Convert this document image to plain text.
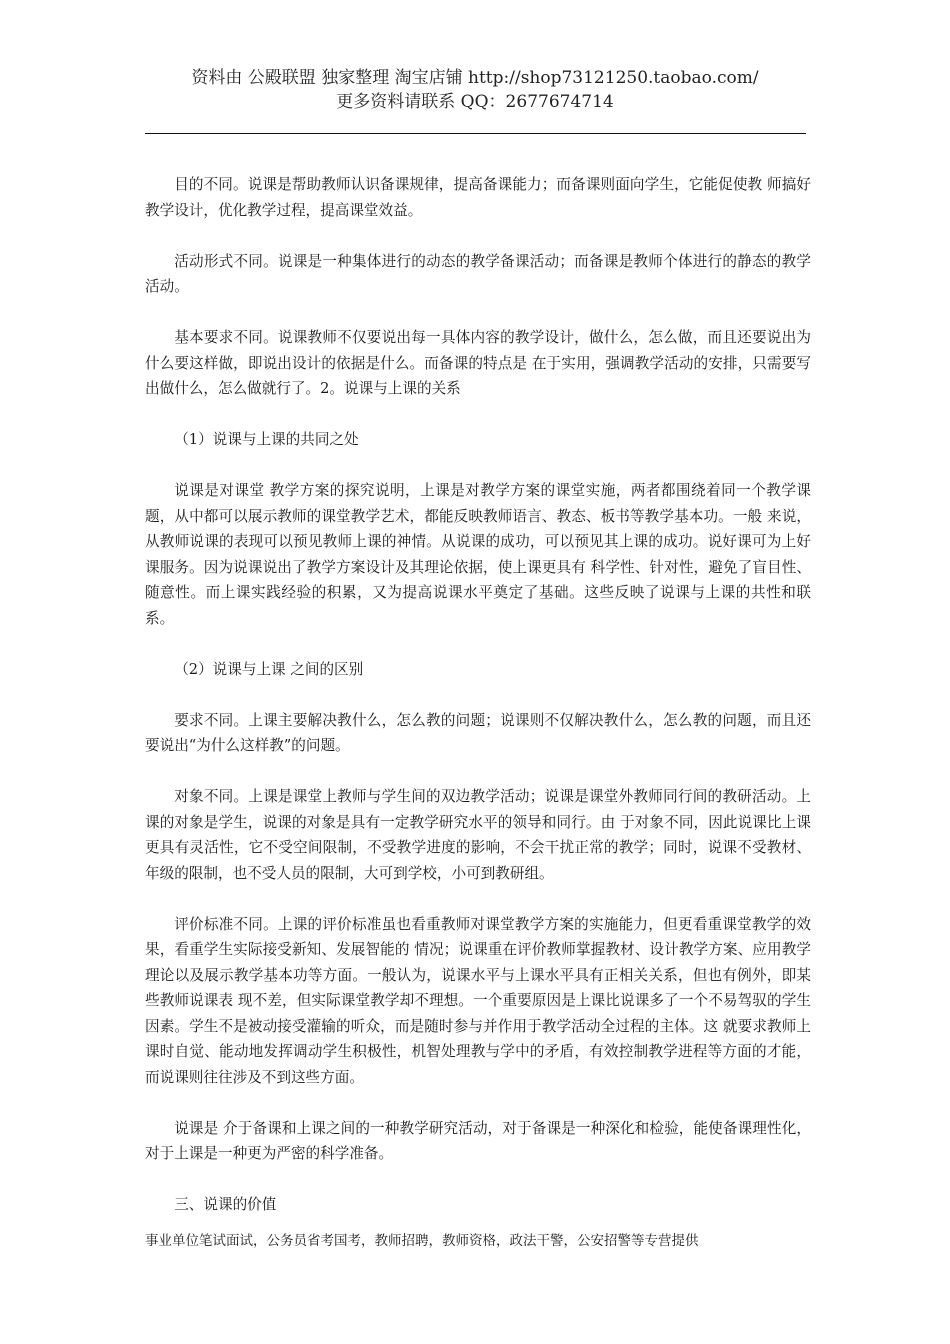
资料由 公殿联盟 独家整理 淘宝店铺 http://shop73121250.taobao.com/
更多资料请联系 QQ：2677674714

目的不同。说课是帮助教师认识备课规律，提高备课能力；而备课则面向学生，它能促使教 师搞好教学设计，优化教学过程，提高课堂效益。

活动形式不同。说课是一种集体进行的动态的教学备课活动；而备课是教师个体进行的静态的教学活动。

基本要求不同。说课教师不仅要说出每一具体内容的教学设计，做什么，怎么做，而且还要说出为什么要这样做，即说出设计的依据是什么。而备课的特点是 在于实用，强调教学活动的安排，只需要写出做什么，怎么做就行了。2。说课与上课的关系

（1）说课与上课的共同之处

说课是对课堂 教学方案的探究说明，上课是对教学方案的课堂实施，两者都围绕着同一个教学课题，从中都可以展示教师的课堂教学艺术，都能反映教师语言、教态、板书等教学基本功。一般 来说，从教师说课的表现可以预见教师上课的神情。从说课的成功，可以预见其上课的成功。说好课可为上好课服务。因为说课说出了教学方案设计及其理论依据，使上课更具有 科学性、针对性，避免了盲目性、随意性。而上课实践经验的积累，又为提高说课水平奠定了基础。这些反映了说课与上课的共性和联系。

（2）说课与上课 之间的区别

要求不同。上课主要解决教什么，怎么教的问题；说课则不仅解决教什么，怎么教的问题，而且还要说出“为什么这样教”的问题。

对象不同。上课是课堂上教师与学生间的双边教学活动；说课是课堂外教师同行间的教研活动。上课的对象是学生，说课的对象是具有一定教学研究水平的领导和同行。由 于对象不同，因此说课比上课更具有灵活性，它不受空间限制，不受教学进度的影响，不会干扰正常的教学；同时，说课不受教材、年级的限制，也不受人员的限制，大可到学校，小可到教研组。

评价标准不同。上课的评价标准虽也看重教师对课堂教学方案的实施能力，但更看重课堂教学的效果，看重学生实际接受新知、发展智能的 情况；说课重在评价教师掌握教材、设计教学方案、应用教学理论以及展示教学基本功等方面。一般认为，说课水平与上课水平具有正相关关系，但也有例外，即某些教师说课表 现不差，但实际课堂教学却不理想。一个重要原因是上课比说课多了一个不易驾驭的学生因素。学生不是被动接受灌输的听众，而是随时参与并作用于教学活动全过程的主体。这 就要求教师上课时自觉、能动地发挥调动学生积极性，机智处理教与学中的矛盾，有效控制教学进程等方面的才能，而说课则往往涉及不到这些方面。

说课是 介于备课和上课之间的一种教学研究活动，对于备课是一种深化和检验，能使备课理性化，对于上课是一种更为严密的科学准备。

三、说课的价值

事业单位笔试面试，公务员省考国考，教师招聘，教师资格，政法干警，公安招警等专营提供
